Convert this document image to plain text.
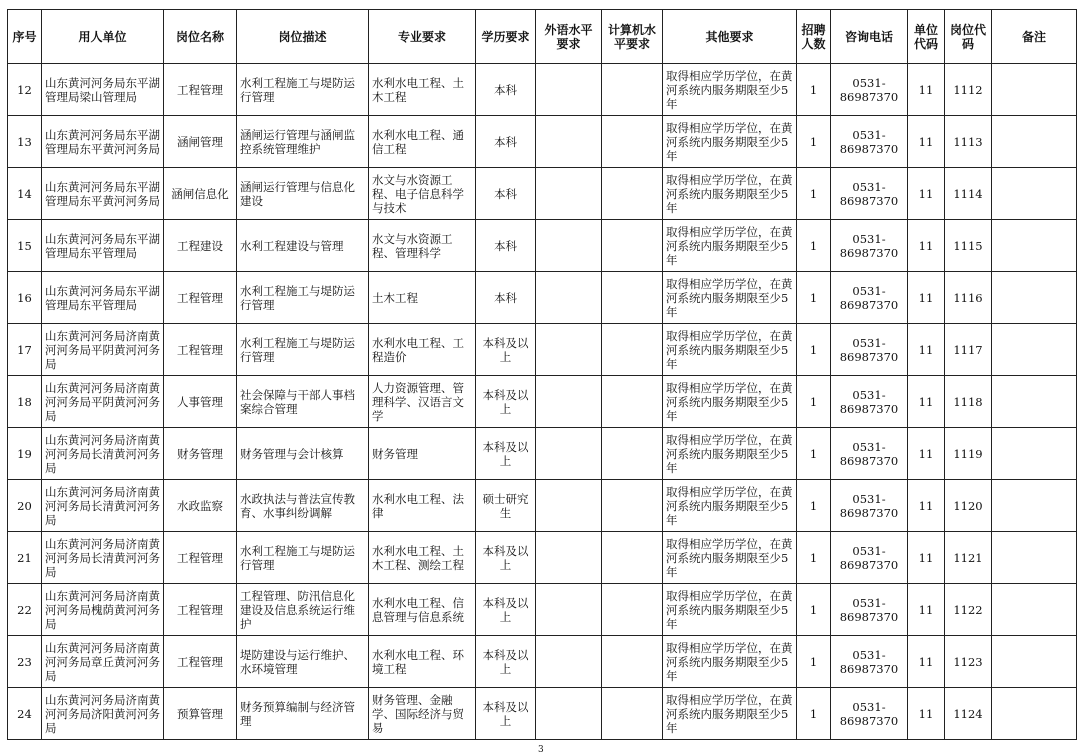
序号	用人单位	岗位名称	岗位描述	专业要求	学历要求	外语水平要求	计算机水平要求	其他要求	招聘人数	咨询电话	单位代码	岗位代码	备注
12	山东黄河河务局东平湖管理局梁山管理局	工程管理	水利工程施工与堤防运行管理	水利水电工程、土木工程	本科			取得相应学历学位，在黄河系统内服务期限至少5年	1	0531-86987370	11	1112	
13	山东黄河河务局东平湖管理局东平黄河河务局	涵闸管理	涵闸运行管理与涵闸监控系统管理维护	水利水电工程、通信工程	本科			取得相应学历学位，在黄河系统内服务期限至少5年	1	0531-86987370	11	1113	
14	山东黄河河务局东平湖管理局东平黄河河务局	涵闸信息化	涵闸运行管理与信息化建设	水文与水资源工程、电子信息科学与技术	本科			取得相应学历学位，在黄河系统内服务期限至少5年	1	0531-86987370	11	1114	
15	山东黄河河务局东平湖管理局东平管理局	工程建设	水利工程建设与管理	水文与水资源工程、管理科学	本科			取得相应学历学位，在黄河系统内服务期限至少5年	1	0531-86987370	11	1115	
16	山东黄河河务局东平湖管理局东平管理局	工程管理	水利工程施工与堤防运行管理	土木工程	本科			取得相应学历学位，在黄河系统内服务期限至少5年	1	0531-86987370	11	1116	
17	山东黄河河务局济南黄河河务局平阴黄河河务局	工程管理	水利工程施工与堤防运行管理	水利水电工程、工程造价	本科及以上			取得相应学历学位，在黄河系统内服务期限至少5年	1	0531-86987370	11	1117	
18	山东黄河河务局济南黄河河务局平阴黄河河务局	人事管理	社会保障与干部人事档案综合管理	人力资源管理、管理科学、汉语言文学	本科及以上			取得相应学历学位，在黄河系统内服务期限至少5年	1	0531-86987370	11	1118	
19	山东黄河河务局济南黄河河务局长清黄河河务局	财务管理	财务管理与会计核算	财务管理	本科及以上			取得相应学历学位，在黄河系统内服务期限至少5年	1	0531-86987370	11	1119	
20	山东黄河河务局济南黄河河务局长清黄河河务局	水政监察	水政执法与普法宣传教育、水事纠纷调解	水利水电工程、法律	硕士研究生			取得相应学历学位，在黄河系统内服务期限至少5年	1	0531-86987370	11	1120	
21	山东黄河河务局济南黄河河务局长清黄河河务局	工程管理	水利工程施工与堤防运行管理	水利水电工程、土木工程、测绘工程	本科及以上			取得相应学历学位，在黄河系统内服务期限至少5年	1	0531-86987370	11	1121	
22	山东黄河河务局济南黄河河务局槐荫黄河河务局	工程管理	工程管理、防汛信息化建设及信息系统运行维护	水利水电工程、信息管理与信息系统	本科及以上			取得相应学历学位，在黄河系统内服务期限至少5年	1	0531-86987370	11	1122	
23	山东黄河河务局济南黄河河务局章丘黄河河务局	工程管理	堤防建设与运行维护、水环境管理	水利水电工程、环境工程	本科及以上			取得相应学历学位，在黄河系统内服务期限至少5年	1	0531-86987370	11	1123	
24	山东黄河河务局济南黄河河务局济阳黄河河务局	预算管理	财务预算编制与经济管理	财务管理、金融学、国际经济与贸易	本科及以上			取得相应学历学位，在黄河系统内服务期限至少5年	1	0531-86987370	11	1124	
3
